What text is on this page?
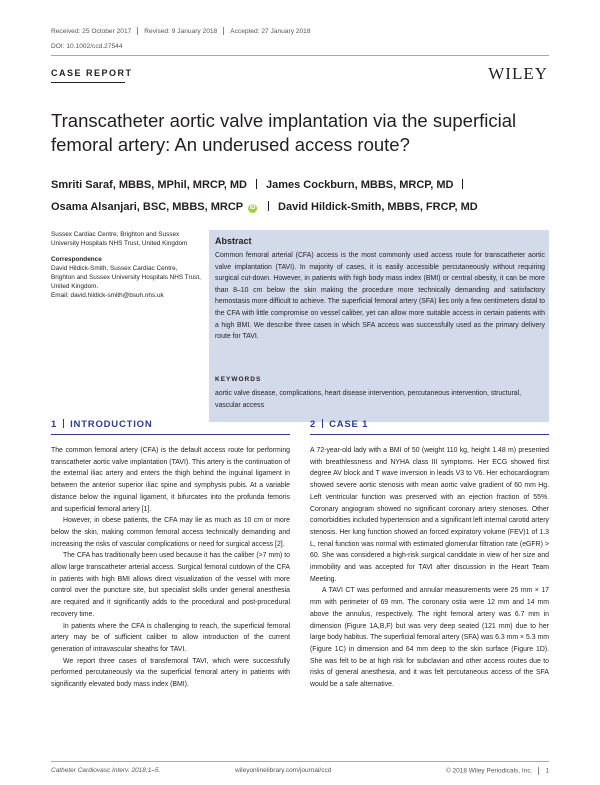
Received: 25 October 2017 Revised: 9 January 2018 Accepted: 27 January 2018
DOI: 10.1002/ccd.27544
CASE REPORT	WILEY
Transcatheter aortic valve implantation via the superficial femoral artery: An underused access route?
Smriti Saraf, MBBS, MPhil, MRCP, MD James Cockburn, MBBS, MRCP, MD
Osama Alsanjari, BSC, MBBS, MRCP iD David Hildick-Smith, MBBS, FRCP, MD
Sussex Cardiac Centre, Brighton and Sussex University Hospitals NHS Trust, United Kingdom
Correspondence
David Hildick-Smith, Sussex Cardiac Centre, Brighton and Sussex University Hospitals NHS Trust, United Kingdom.
Email: david.hildick-smith@bsuh.nhs.uk
Abstract

Common femoral arterial (CFA) access is the most commonly used access route for transcatheter aortic valve implantation (TAVI). In majority of cases, it is easily accessible percutaneously without requiring surgical cut-down. However, in patients with high body mass index (BMI) or central obesity, it can be more than 8–10 cm below the skin making the procedure more technically demanding and satisfactory hemostasis more difficult to achieve. The superficial femoral artery (SFA) lies only a few centimeters distal to the CFA with little compromise on vessel caliber, yet can allow more suitable access in certain patients with a high BMI. We describe three cases in which SFA access was successfully used as the primary delivery route for TAVI.

KEYWORDS

aortic valve disease, complications, heart disease intervention, percutaneous intervention, structural, vascular access

1 INTRODUCTION

The common femoral artery (CFA) is the default access route for performing transcatheter aortic valve implantation (TAVI). This artery is the continuation of the external iliac artery and enters the thigh behind the inguinal ligament in between the anterior superior iliac spine and symphysis pubis. At a variable distance below the inguinal ligament, it bifurcates into the profunda femoris and superficial femoral artery [1].

However, in obese patients, the CFA may lie as much as 10 cm or more below the skin, making common femoral access technically demanding and increasing the risks of vascular complications or need for surgical access [2].

The CFA has traditionally been used because it has the caliber (>7 mm) to allow large transcatheter arterial access. Surgical femoral cutdown of the CFA in patients with high BMI allows direct visualization of the vessel with more control over the puncture site, but specialist skills under general anesthesia are required and it significantly adds to the procedural and post-procedural recovery time.

In patients where the CFA is challenging to reach, the superficial femoral artery may be of sufficient caliber to allow introduction of the current generation of intravascular sheaths for TAVI.

We report three cases of transfemoral TAVI, which were successfully performed percutaneously via the superficial femoral artery in patients with significantly elevated body mass index (BMI).

2 CASE 1

A 72-year-old lady with a BMI of 50 (weight 110 kg, height 1.48 m) presented with breathlessness and NYHA class III symptoms. Her ECG showed first degree AV block and T wave inversion in leads V3 to V6. Her echocardiogram showed severe aortic stenosis with mean aortic valve gradient of 60 mm Hg. Left ventricular function was preserved with an ejection fraction of 55%. Coronary angiogram showed no significant coronary artery stenoses. Other comorbidities included hypertension and a significant left internal carotid artery stenosis. Her lung function showed an forced expiratory volume (FEV)1 of 1.3 L, renal function was normal with estimated glomerular filtration rate (eGFR) > 60. She was considered a high-risk surgical candidate in view of her size and immobility and was accepted for TAVI after discussion in the Heart Team Meeting.

A TAVI CT was performed and annular measurements were 25 mm × 17 mm with perimeter of 69 mm. The coronary ostia were 12 mm and 14 mm above the annulus, respectively. The right femoral artery was 6.7 mm in dimension (Figure 1A,B,F) but was very deep seated (121 mm) due to her large body habitus. The superficial femoral artery (SFA) was 6.3 mm × 5.3 mm (Figure 1C) in dimension and 64 mm deep to the skin surface (Figure 1D). She was felt to be at high risk for subclavian and other access routes due to risks of general anesthesia, and it was felt percutaneous access of the SFA would be a safe alternative.

Catheter Cardiovasc Interv. 2018;1–5.	wileyonlinelibrary.com/journal/ccd	© 2018 Wiley Periodicals, Inc. 1
